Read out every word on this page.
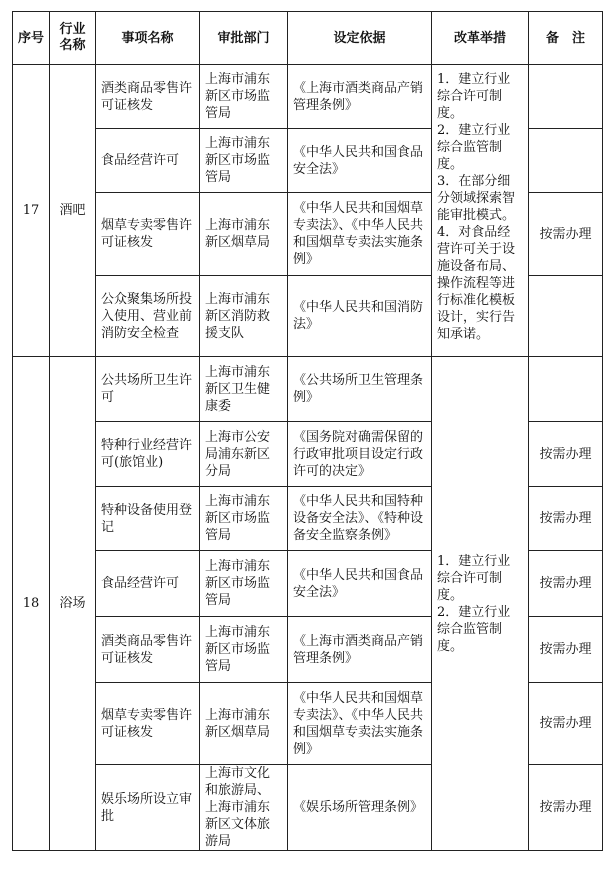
序号	行业
名称	事项名称	审批部门	设定依据	改革举措	备　注
17	酒吧	酒类商品零售许可证核发	上海市浦东新区市场监管局	《上海市酒类商品产销管理条例》	1．建立行业综合许可制度。
2．建立行业综合监管制度。
3．在部分细分领域探索智能审批模式。
4．对食品经营许可关于设施设备布局、操作流程等进行标准化模板设计，实行告知承诺。	
		食品经营许可	上海市浦东新区市场监管局	《中华人民共和国食品安全法》		
		烟草专卖零售许可证核发	上海市浦东新区烟草局	《中华人民共和国烟草专卖法》、《中华人民共和国烟草专卖法实施条例》		按需办理
		公众聚集场所投入使用、营业前消防安全检查	上海市浦东新区消防救援支队	《中华人民共和国消防法》		
18	浴场	公共场所卫生许可	上海市浦东新区卫生健康委	《公共场所卫生管理条例》	1．建立行业综合许可制度。
2．建立行业综合监管制度。	
		特种行业经营许可(旅馆业)	上海市公安局浦东新区分局	《国务院对确需保留的行政审批项目设定行政许可的决定》		按需办理
		特种设备使用登记	上海市浦东新区市场监管局	《中华人民共和国特种设备安全法》、《特种设备安全监察条例》		按需办理
		食品经营许可	上海市浦东新区市场监管局	《中华人民共和国食品安全法》		按需办理
		酒类商品零售许可证核发	上海市浦东新区市场监管局	《上海市酒类商品产销管理条例》		按需办理
		烟草专卖零售许可证核发	上海市浦东新区烟草局	《中华人民共和国烟草专卖法》、《中华人民共和国烟草专卖法实施条例》		按需办理
		娱乐场所设立审批	上海市文化和旅游局、上海市浦东新区文体旅游局	《娱乐场所管理条例》		按需办理
